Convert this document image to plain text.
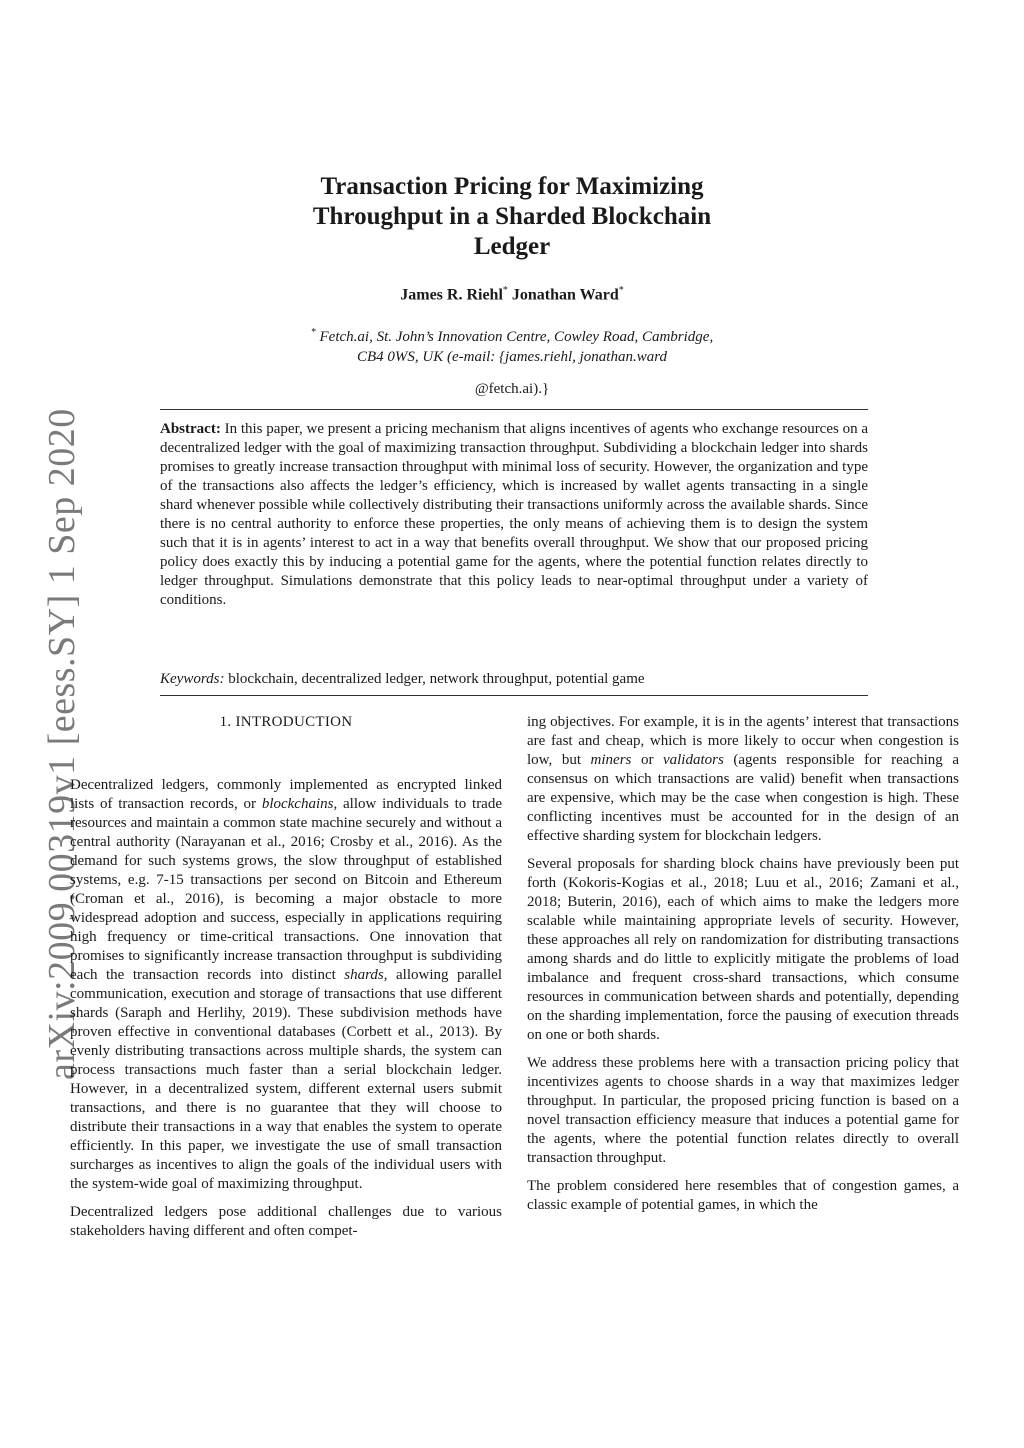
arXiv:2009.00319v1 [eess.SY] 1 Sep 2020
Transaction Pricing for Maximizing
Throughput in a Sharded Blockchain
Ledger
James R. Riehl* Jonathan Ward*
* Fetch.ai, St. John’s Innovation Centre, Cowley Road, Cambridge,
CB4 0WS, UK (e-mail: {james.riehl, jonathan.ward
@fetch.ai).}
Abstract: In this paper, we present a pricing mechanism that aligns incentives of agents who exchange resources on a decentralized ledger with the goal of maximizing transaction throughput. Subdividing a blockchain ledger into shards promises to greatly increase transaction throughput with minimal loss of security. However, the organization and type of the transactions also affects the ledger’s efficiency, which is increased by wallet agents transacting in a single shard whenever possible while collectively distributing their transactions uniformly across the available shards. Since there is no central authority to enforce these properties, the only means of achieving them is to design the system such that it is in agents’ interest to act in a way that benefits overall throughput. We show that our proposed pricing policy does exactly this by inducing a potential game for the agents, where the potential function relates directly to ledger throughput. Simulations demonstrate that this policy leads to near-optimal throughput under a variety of conditions.
Keywords: blockchain, decentralized ledger, network throughput, potential game
1. INTRODUCTION

Decentralized ledgers, commonly implemented as encrypted linked lists of transaction records, or blockchains, allow individuals to trade resources and maintain a common state machine securely and without a central authority (Narayanan et al., 2016; Crosby et al., 2016). As the demand for such systems grows, the slow throughput of established systems, e.g. 7-15 transactions per second on Bitcoin and Ethereum (Croman et al., 2016), is becoming a major obstacle to more widespread adoption and success, especially in applications requiring high frequency or time-critical transactions. One innovation that promises to significantly increase transaction throughput is subdividing each the transaction records into distinct shards, allowing parallel communication, execution and storage of transactions that use different shards (Saraph and Herlihy, 2019). These subdivision methods have proven effective in conventional databases (Corbett et al., 2013). By evenly distributing transactions across multiple shards, the system can process transactions much faster than a serial blockchain ledger. However, in a decentralized system, different external users submit transactions, and there is no guarantee that they will choose to distribute their transactions in a way that enables the system to operate efficiently. In this paper, we investigate the use of small transaction surcharges as incentives to align the goals of the individual users with the system-wide goal of maximizing throughput.

Decentralized ledgers pose additional challenges due to various stakeholders having different and often compet-

ing objectives. For example, it is in the agents’ interest that transactions are fast and cheap, which is more likely to occur when congestion is low, but miners or validators (agents responsible for reaching a consensus on which transactions are valid) benefit when transactions are expensive, which may be the case when congestion is high. These conflicting incentives must be accounted for in the design of an effective sharding system for blockchain ledgers.

Several proposals for sharding block chains have previously been put forth (Kokoris-Kogias et al., 2018; Luu et al., 2016; Zamani et al., 2018; Buterin, 2016), each of which aims to make the ledgers more scalable while maintaining appropriate levels of security. However, these approaches all rely on randomization for distributing transactions among shards and do little to explicitly mitigate the problems of load imbalance and frequent cross-shard transactions, which consume resources in communication between shards and potentially, depending on the sharding implementation, force the pausing of execution threads on one or both shards.

We address these problems here with a transaction pricing policy that incentivizes agents to choose shards in a way that maximizes ledger throughput. In particular, the proposed pricing function is based on a novel transaction efficiency measure that induces a potential game for the agents, where the potential function relates directly to overall transaction throughput.

The problem considered here resembles that of congestion games, a classic example of potential games, in which the
